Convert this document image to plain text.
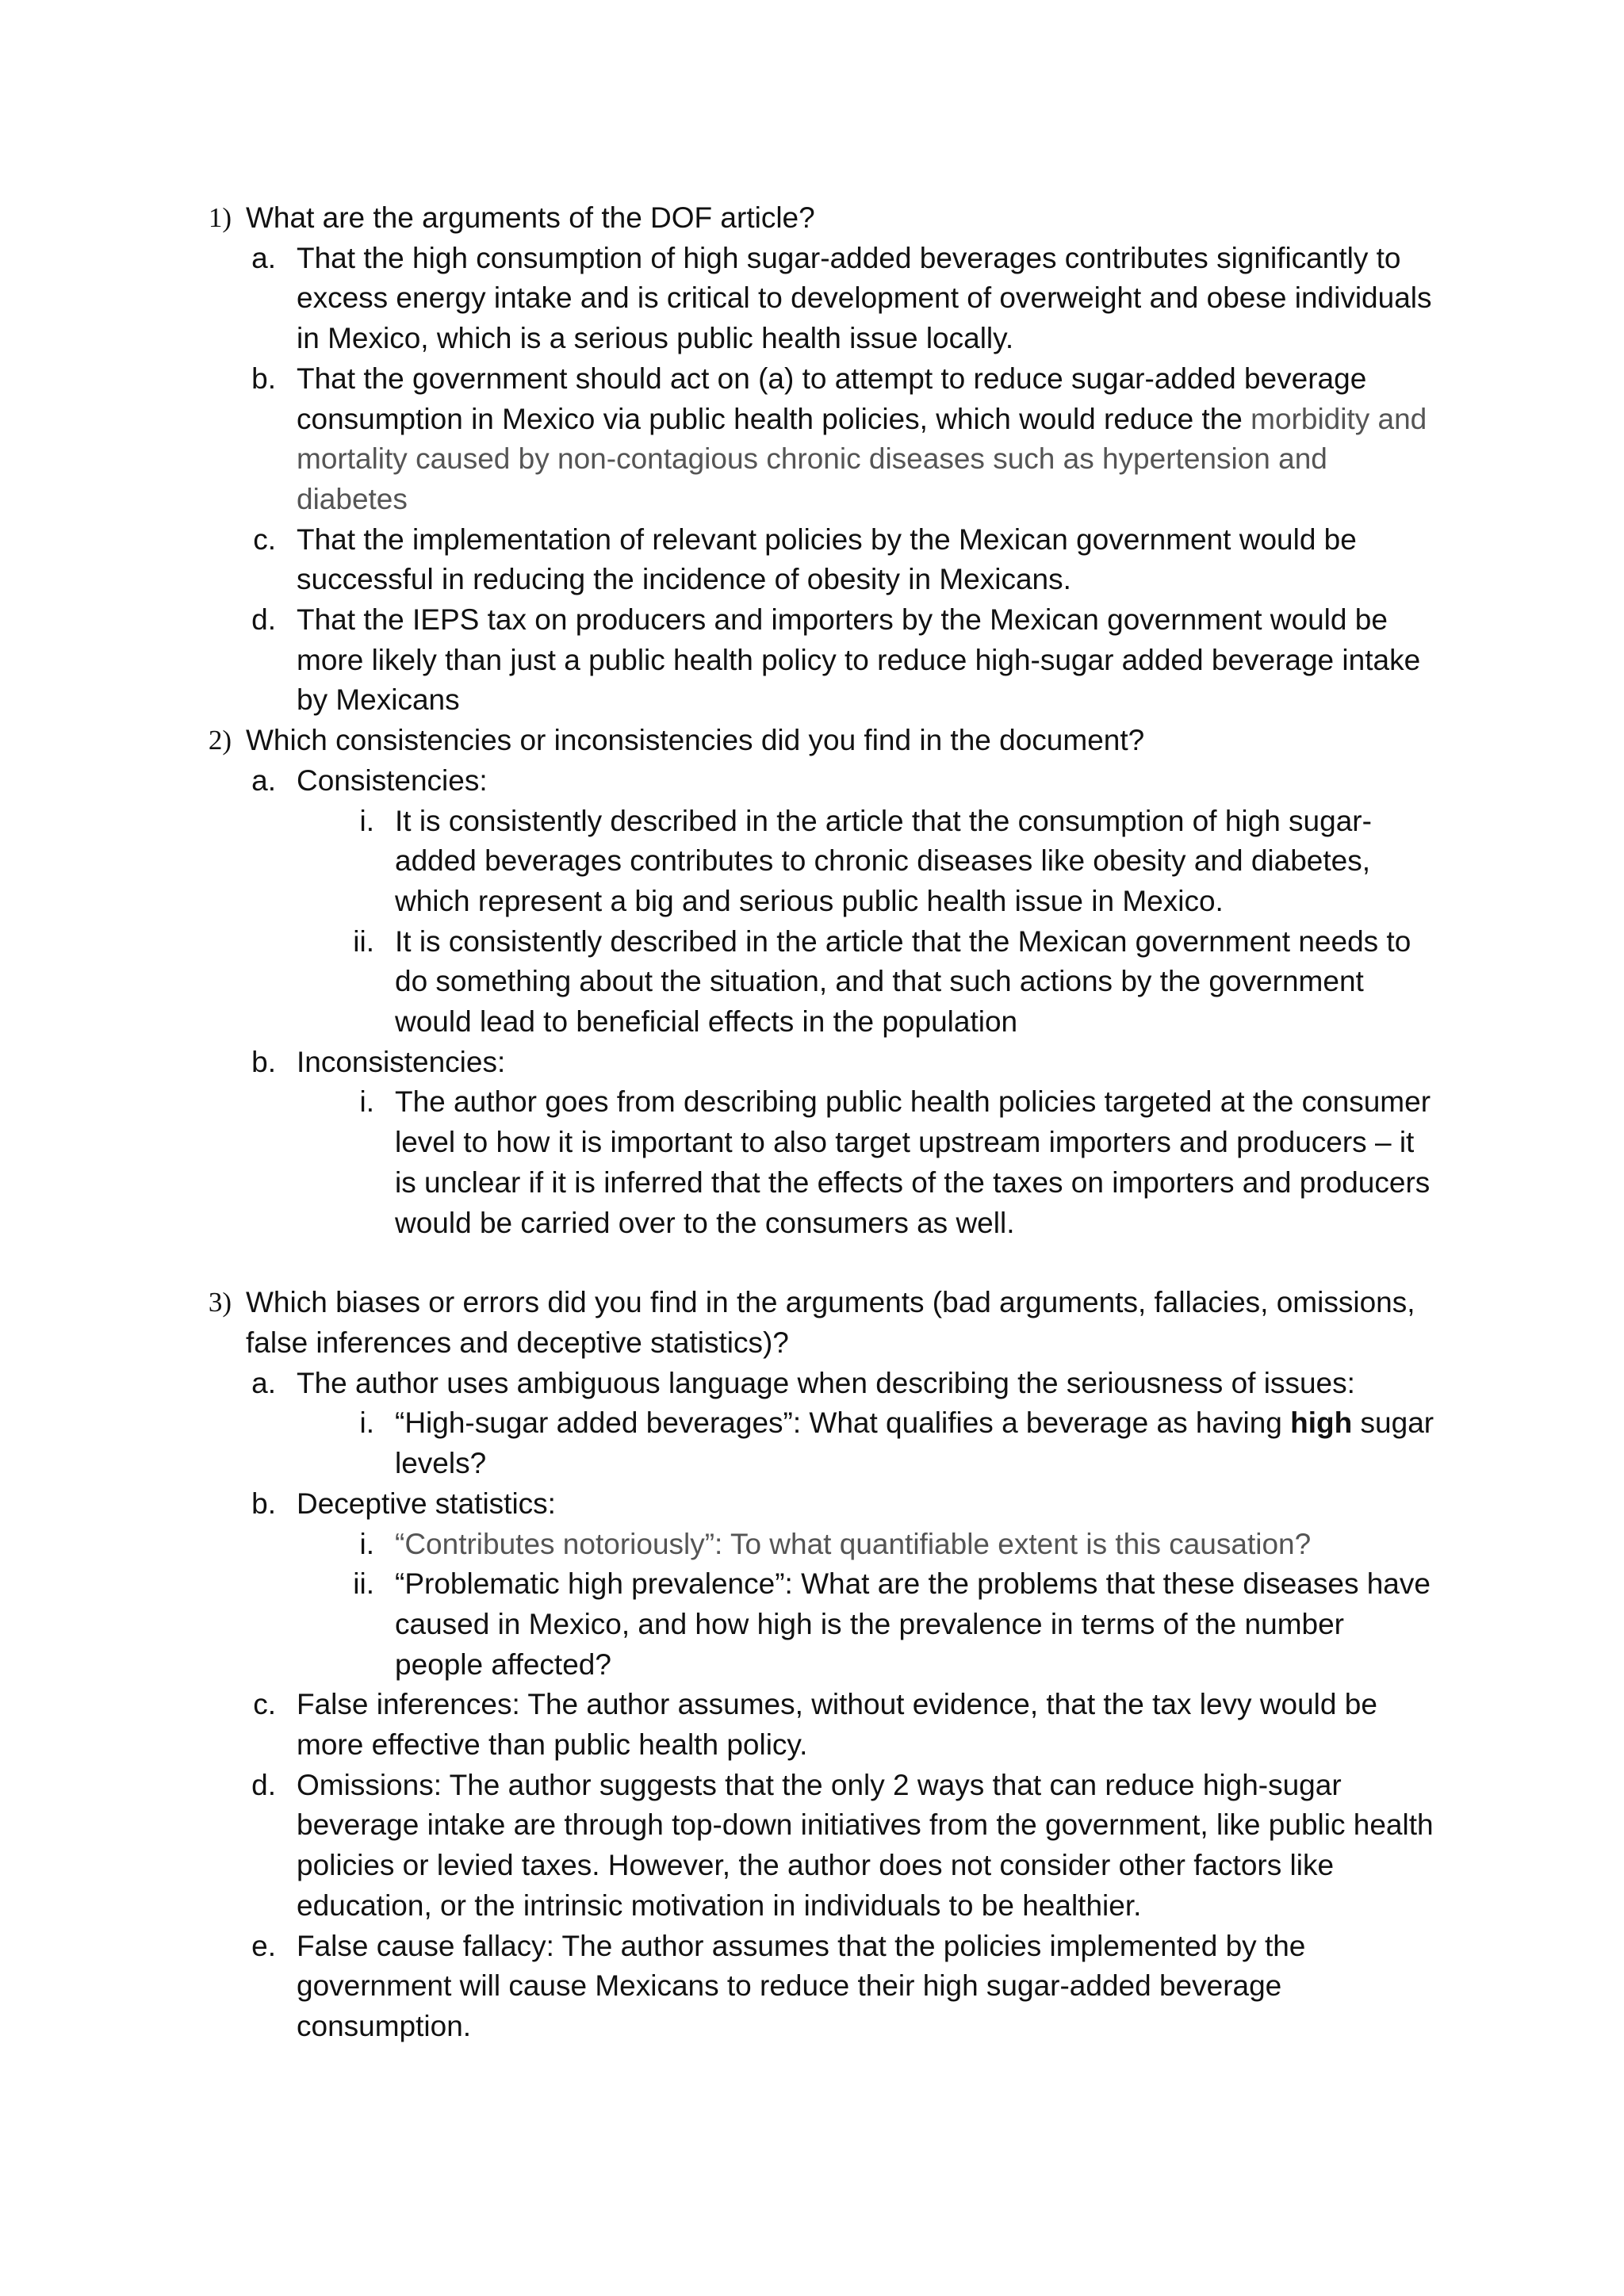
1) What are the arguments of the DOF article?
a. That the high consumption of high sugar-added beverages contributes significantly to excess energy intake and is critical to development of overweight and obese individuals in Mexico, which is a serious public health issue locally.
b. That the government should act on (a) to attempt to reduce sugar-added beverage consumption in Mexico via public health policies, which would reduce the morbidity and mortality caused by non-contagious chronic diseases such as hypertension and diabetes
c. That the implementation of relevant policies by the Mexican government would be successful in reducing the incidence of obesity in Mexicans.
d. That the IEPS tax on producers and importers by the Mexican government would be more likely than just a public health policy to reduce high-sugar added beverage intake by Mexicans
2) Which consistencies or inconsistencies did you find in the document?
a. Consistencies:
i. It is consistently described in the article that the consumption of high sugar-added beverages contributes to chronic diseases like obesity and diabetes, which represent a big and serious public health issue in Mexico.
ii. It is consistently described in the article that the Mexican government needs to do something about the situation, and that such actions by the government would lead to beneficial effects in the population
b. Inconsistencies:
i. The author goes from describing public health policies targeted at the consumer level to how it is important to also target upstream importers and producers – it is unclear if it is inferred that the effects of the taxes on importers and producers would be carried over to the consumers as well.
3) Which biases or errors did you find in the arguments (bad arguments, fallacies, omissions, false inferences and deceptive statistics)?
a. The author uses ambiguous language when describing the seriousness of issues:
i. “High-sugar added beverages”: What qualifies a beverage as having high sugar levels?
b. Deceptive statistics:
i. “Contributes notoriously”: To what quantifiable extent is this causation?
ii. “Problematic high prevalence”: What are the problems that these diseases have caused in Mexico, and how high is the prevalence in terms of the number people affected?
c. False inferences: The author assumes, without evidence, that the tax levy would be more effective than public health policy.
d. Omissions: The author suggests that the only 2 ways that can reduce high-sugar beverage intake are through top-down initiatives from the government, like public health policies or levied taxes. However, the author does not consider other factors like education, or the intrinsic motivation in individuals to be healthier.
e. False cause fallacy: The author assumes that the policies implemented by the government will cause Mexicans to reduce their high sugar-added beverage consumption.
